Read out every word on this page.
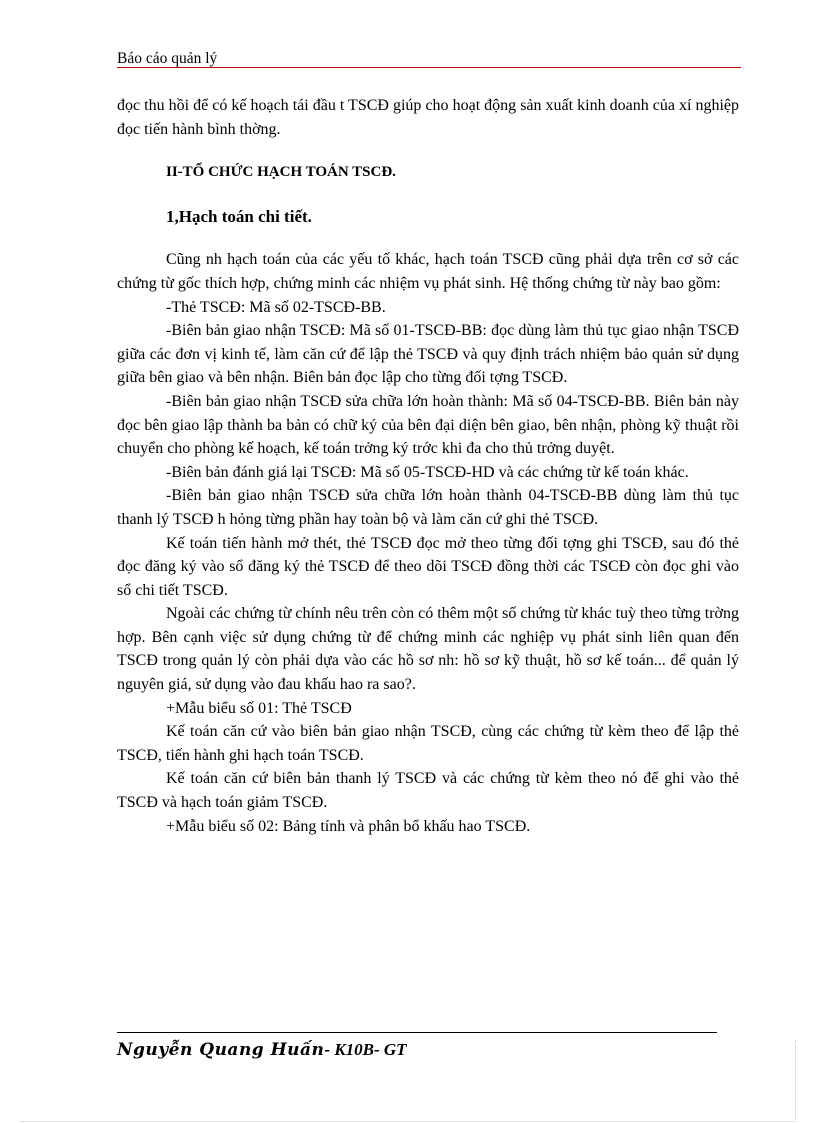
Báo cáo quản lý

đọc thu hồi để có kế hoạch tái đầu t TSCĐ giúp cho hoạt động sản xuất kinh doanh của xí nghiệp đọc tiến hành bình thờng.

II-TỔ CHỨC HẠCH TOÁN TSCĐ.

1,Hạch toán chi tiết.

Cũng nh hạch toán của các yếu tố khác, hạch toán TSCĐ cũng phải dựa trên cơ sở các chứng từ gốc thích hợp, chứng minh các nhiệm vụ phát sinh. Hệ thống chứng từ này bao gồm:

-Thẻ TSCĐ: Mã số 02-TSCĐ-BB.

-Biên bản giao nhận TSCĐ: Mã số 01-TSCĐ-BB: đọc dùng làm thủ tục giao nhận TSCĐ giữa các đơn vị kinh tế, làm căn cứ để lập thẻ TSCĐ và quy định trách nhiệm bảo quản sử dụng giữa bên giao và bên nhận. Biên bản đọc lập cho từng đối tợng TSCĐ.

-Biên bản giao nhận TSCĐ sửa chữa lớn hoàn thành: Mã số 04-TSCĐ-BB. Biên bản này đọc bên giao lập thành ba bản có chữ ký của bên đại diện bên giao, bên nhận, phòng kỹ thuật rồi chuyển cho phòng kế hoạch, kế toán trởng ký trớc khi đa cho thủ trởng duyệt.

-Biên bản đánh giá lại TSCĐ: Mã số 05-TSCĐ-HD và các chứng từ kế toán khác.

-Biên bản giao nhận TSCĐ sửa chữa lớn hoàn thành 04-TSCĐ-BB dùng làm thủ tục thanh lý TSCĐ h hỏng từng phần hay toàn bộ và làm căn cứ ghi thẻ TSCĐ.

Kế toán tiến hành mở thét, thẻ TSCĐ đọc mở theo từng đối tợng ghi TSCĐ, sau đó thẻ đọc đăng ký vào sổ đăng ký thẻ TSCĐ để theo dõi TSCĐ đồng thời các TSCĐ còn đọc ghi vào sổ chi tiết TSCĐ.

Ngoài các chứng từ chính nêu trên còn có thêm một số chứng từ khác tuỳ theo từng trờng hợp. Bên cạnh việc sử dụng chứng từ để chứng minh các nghiệp vụ phát sinh liên quan đến TSCĐ trong quản lý còn phải dựa vào các hồ sơ nh: hồ sơ kỹ thuật, hồ sơ kế toán... để quản lý nguyên giá, sử dụng vào đau khấu hao ra sao?.

+Mẫu biểu số 01: Thẻ TSCĐ

Kế toán căn cứ vào biên bản giao nhận TSCĐ, cùng các chứng từ kèm theo để lập thẻ TSCĐ, tiến hành ghi hạch toán TSCĐ.

Kế toán căn cứ biên bản thanh lý TSCĐ và các chứng từ kèm theo nó để ghi vào thẻ TSCĐ và hạch toán giảm TSCĐ.

+Mẫu biểu số 02: Bảng tính và phân bổ khấu hao TSCĐ.

Nguyễn Quang Huấn- K10B- GT
